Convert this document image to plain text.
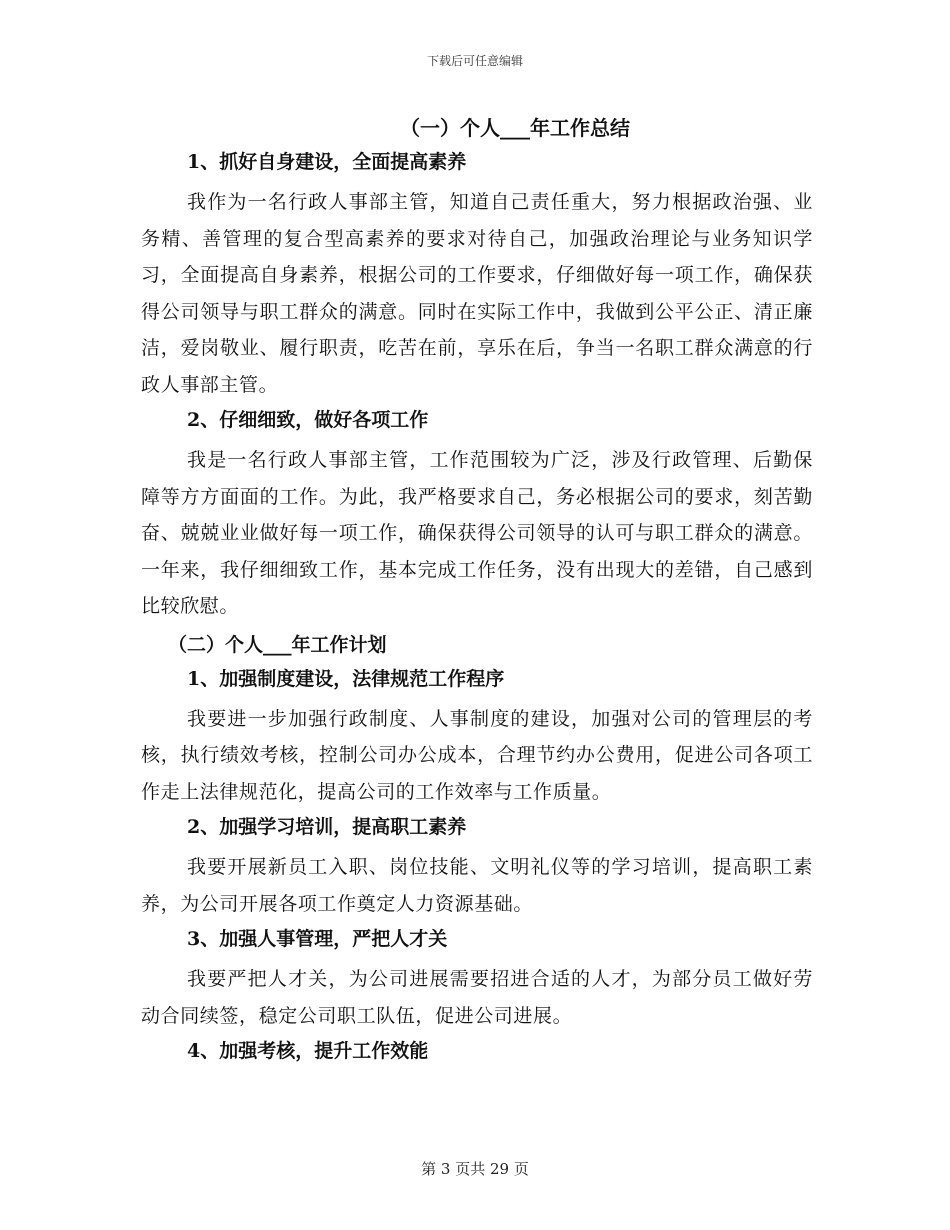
下载后可任意编辑
（一）个人___年工作总结
1、抓好自身建设，全面提高素养

我作为一名行政人事部主管，知道自己责任重大，努力根据政治强、业务精、善管理的复合型高素养的要求对待自己，加强政治理论与业务知识学习，全面提高自身素养，根据公司的工作要求，仔细做好每一项工作，确保获得公司领导与职工群众的满意。同时在实际工作中，我做到公平公正、清正廉洁，爱岗敬业、履行职责，吃苦在前，享乐在后，争当一名职工群众满意的行政人事部主管。

2、仔细细致，做好各项工作

我是一名行政人事部主管，工作范围较为广泛，涉及行政管理、后勤保障等方方面面的工作。为此，我严格要求自己，务必根据公司的要求，刻苦勤奋、兢兢业业做好每一项工作，确保获得公司领导的认可与职工群众的满意。一年来，我仔细细致工作，基本完成工作任务，没有出现大的差错，自己感到比较欣慰。

（二）个人___年工作计划
1、加强制度建设，法律规范工作程序

我要进一步加强行政制度、人事制度的建设，加强对公司的管理层的考核，执行绩效考核，控制公司办公成本，合理节约办公费用，促进公司各项工作走上法律规范化，提高公司的工作效率与工作质量。

2、加强学习培训，提高职工素养

我要开展新员工入职、岗位技能、文明礼仪等的学习培训，提高职工素养，为公司开展各项工作奠定人力资源基础。

3、加强人事管理，严把人才关

我要严把人才关，为公司进展需要招进合适的人才，为部分员工做好劳动合同续签，稳定公司职工队伍，促进公司进展。

4、加强考核，提升工作效能
第 3 页共 29 页
